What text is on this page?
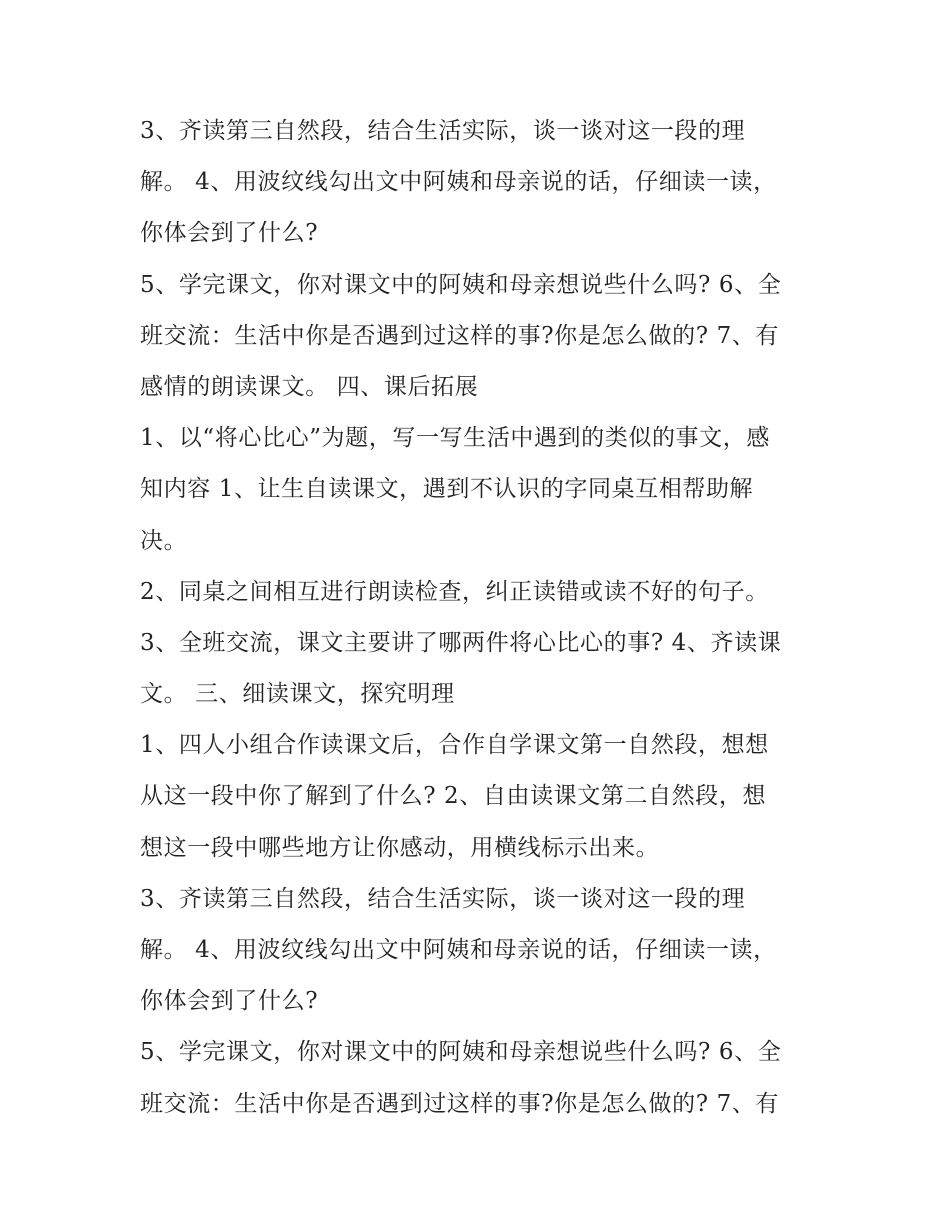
3、齐读第三自然段，结合生活实际，谈一谈对这一段的理
解。 4、用波纹线勾出文中阿姨和母亲说的话，仔细读一读，
你体会到了什么?
5、学完课文，你对课文中的阿姨和母亲想说些什么吗? 6、全
班交流：生活中你是否遇到过这样的事?你是怎么做的? 7、有
感情的朗读课文。 四、课后拓展
1、以“将心比心”为题，写一写生活中遇到的类似的事文，感
知内容 1、让生自读课文，遇到不认识的字同桌互相帮助解
决。
2、同桌之间相互进行朗读检查，纠正读错或读不好的句子。
3、全班交流，课文主要讲了哪两件将心比心的事? 4、齐读课
文。 三、细读课文，探究明理
1、四人小组合作读课文后，合作自学课文第一自然段，想想
从这一段中你了解到了什么? 2、自由读课文第二自然段，想
想这一段中哪些地方让你感动，用横线标示出来。
3、齐读第三自然段，结合生活实际，谈一谈对这一段的理
解。 4、用波纹线勾出文中阿姨和母亲说的话，仔细读一读，
你体会到了什么?
5、学完课文，你对课文中的阿姨和母亲想说些什么吗? 6、全
班交流：生活中你是否遇到过这样的事?你是怎么做的? 7、有
